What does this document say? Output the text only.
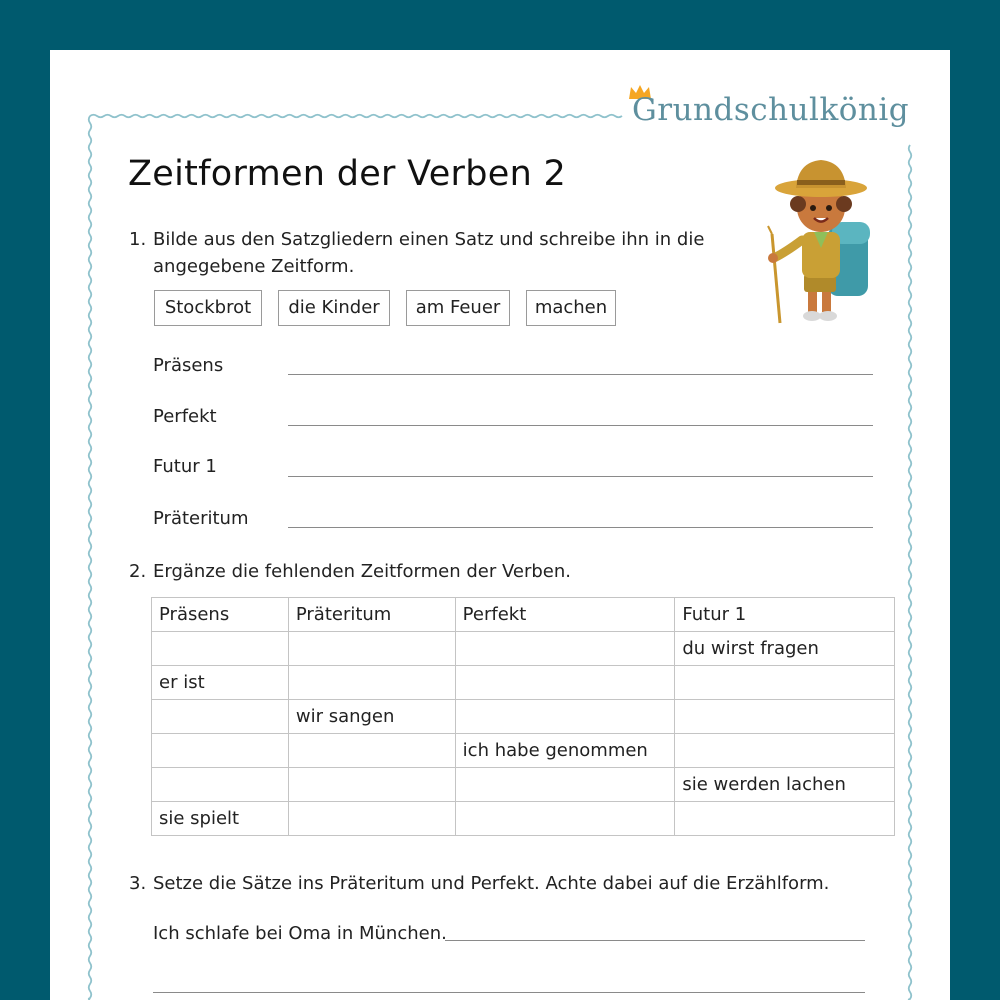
Grundschulkönig
Zeitformen der Verben 2
1. Bilde aus den Satzgliedern einen Satz und schreibe ihn in die angegebene Zeitform.
Stockbrot	die Kinder	am Feuer	machen
Präsens
Perfekt
Futur 1
Präteritum
2. Ergänze die fehlenden Zeitformen der Verben.
Präsens	Präteritum	Perfekt	Futur 1
			du wirst fragen
er ist			
	wir sangen		
		ich habe genommen	
			sie werden lachen
sie spielt			
3. Setze die Sätze ins Präteritum und Perfekt. Achte dabei auf die Erzählform.
Ich schlafe bei Oma in München.
